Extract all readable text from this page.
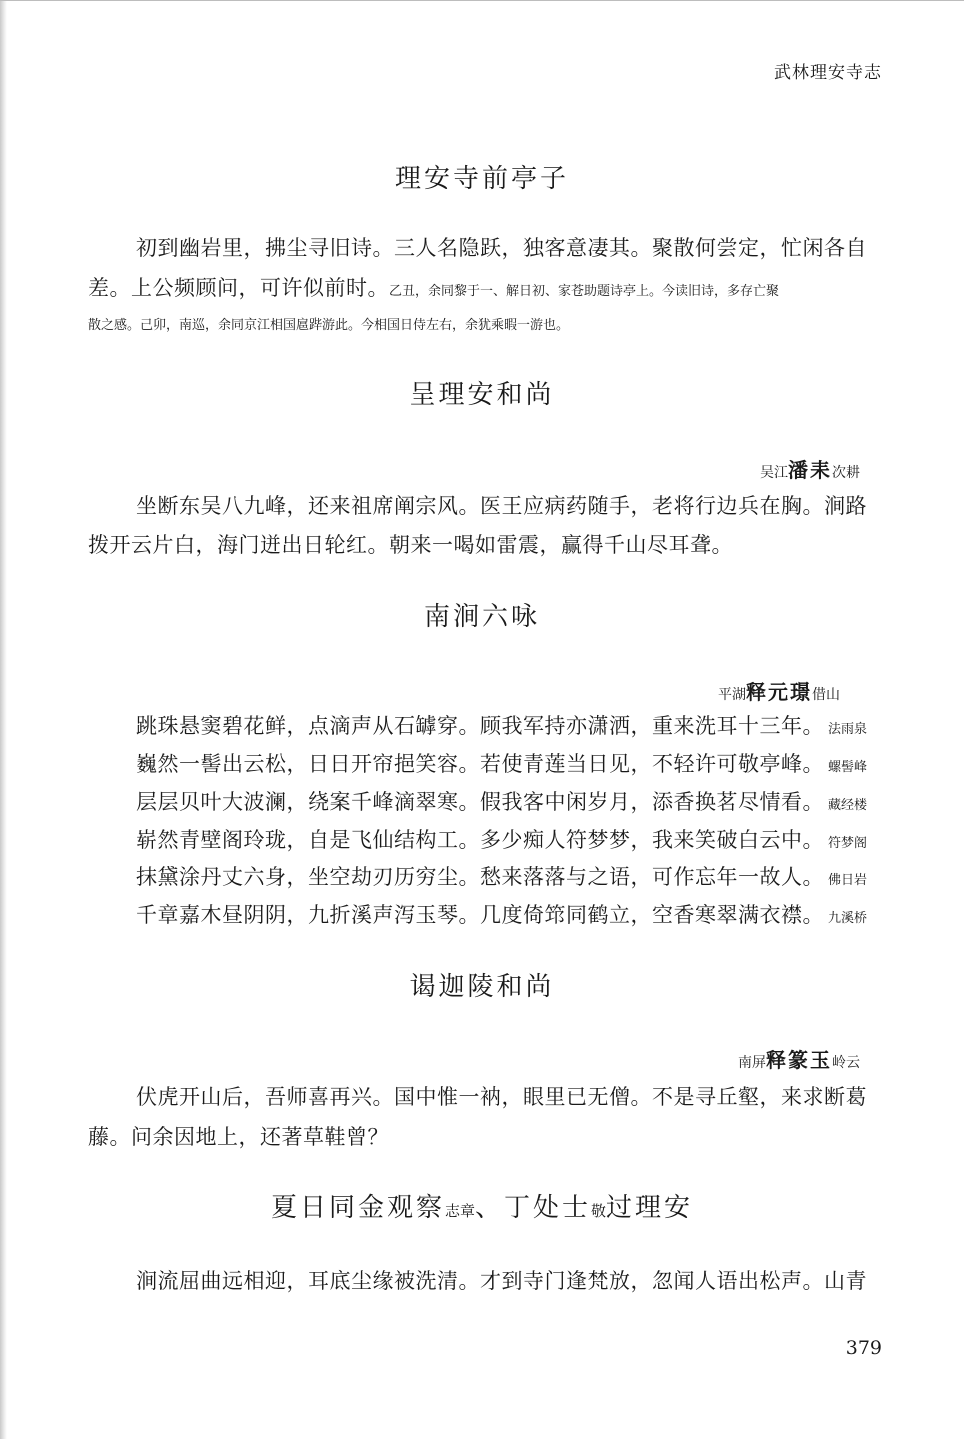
武林理安寺志
理安寺前亭子
初到幽岩里，拂尘寻旧诗。三人名隐跃，独客意凄其。聚散何尝定，忙闲各自
差。上公频顾问，可许似前时。乙丑，余同黎于一、解日初、家苍助题诗亭上。今读旧诗，多存亡聚
散之感。己卯，南巡，余同京江相国扈跸游此。今相国日侍左右，余犹乘暇一游也。
呈理安和尚
吴江潘耒次耕
坐断东吴八九峰，还来祖席阐宗风。医王应病药随手，老将行边兵在胸。涧路
拨开云片白，海门迸出日轮红。朝来一喝如雷震，赢得千山尽耳聋。
南涧六咏
平湖释元璟借山
跳珠悬窦碧花鲜，点滴声从石罅穿。顾我军持亦潇洒，重来洗耳十三年。 法雨泉
巍然一髻出云松，日日开帘挹笑容。若使青莲当日见，不轻许可敬亭峰。 螺髻峰
层层贝叶大波澜，绕案千峰滴翠寒。假我客中闲岁月，添香换茗尽情看。 藏经楼
崭然青壁阁玲珑，自是飞仙结构工。多少痴人符梦梦，我来笑破白云中。 符梦阁
抹黛涂丹丈六身，坐空劫刃历穷尘。愁来落落与之语，可作忘年一故人。 佛日岩
千章嘉木昼阴阴，九折溪声泻玉琴。几度倚筇同鹤立，空香寒翠满衣襟。 九溪桥
谒迦陵和尚
南屏释篆玉岭云
伏虎开山后，吾师喜再兴。国中惟一衲，眼里已无僧。不是寻丘壑，来求断葛
藤。问余因地上，还著草鞋曾？
夏日同金观察志章、丁处士敬过理安
涧流屈曲远相迎，耳底尘缘被洗清。才到寺门逢梵放，忽闻人语出松声。山青
379
